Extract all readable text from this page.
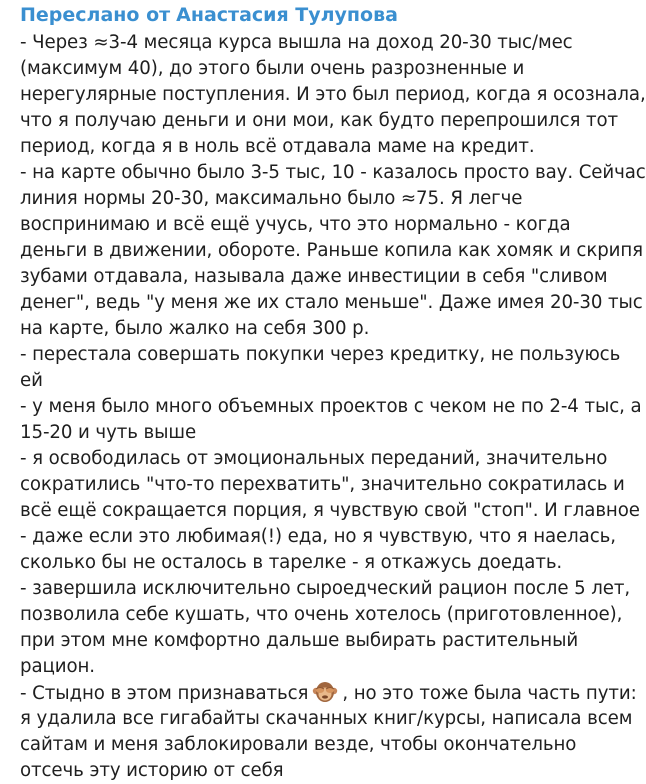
Переслано от Анастасия Тулупова
- Через ≈3-4 месяца курса вышла на доход 20-30 тыс/мес
(максимум 40), до этого были очень разрозненные и
нерегулярные поступления. И это был период, когда я осознала,
что я получаю деньги и они мои, как будто перепрошился тот
период, когда я в ноль всё отдавала маме на кредит.
- на карте обычно было 3-5 тыс, 10 - казалось просто вау. Сейчас
линия нормы 20-30, максимально было ≈75. Я легче
воспринимаю и всё ещё учусь, что это нормально - когда
деньги в движении, обороте. Раньше копила как хомяк и скрипя
зубами отдавала, называла даже инвестиции в себя "сливом
денег", ведь "у меня же их стало меньше". Даже имея 20-30 тыс
на карте, было жалко на себя 300 р.
- перестала совершать покупки через кредитку, не пользуюсь
ей
- у меня было много объемных проектов с чеком не по 2-4 тыс, а
15-20 и чуть выше
- я освободилась от эмоциональных переданий, значительно
сократились "что-то перехватить", значительно сократилась и
всё ещё сокращается порция, я чувствую свой "стоп". И главное
- даже если это любимая(!) еда, но я чувствую, что я наелась,
сколько бы не осталось в тарелке - я откажусь доедать.
- завершила исключительно сыроедческий рацион после 5 лет,
позволила себе кушать, что очень хотелось (приготовленное),
при этом мне комфортно дальше выбирать растительный
рацион.
- Стыдно в этом признаваться , но это тоже была часть пути:
я удалила все гигабайты скачанных книг/курсы, написала всем
сайтам и меня заблокировали везде, чтобы окончательно
отсечь эту историю от себя
